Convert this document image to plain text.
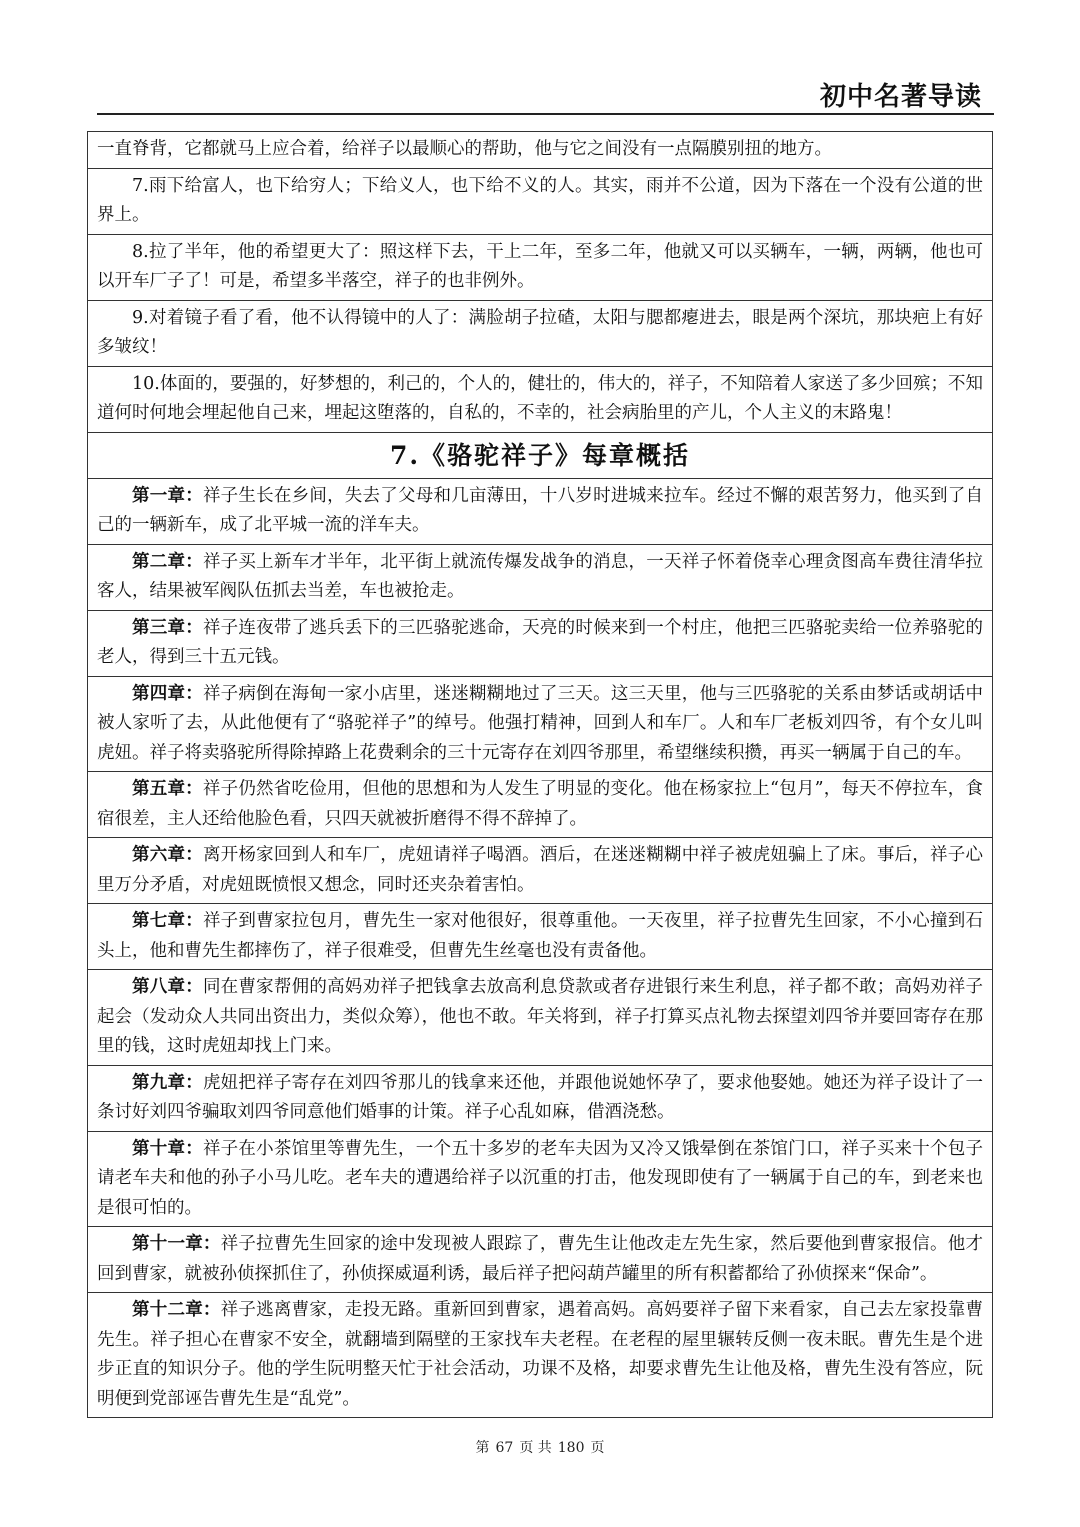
初中名著导读
一直脊背，它都就马上应合着，给祥子以最顺心的帮助，他与它之间没有一点隔膜别扭的地方。
7.雨下给富人，也下给穷人；下给义人，也下给不义的人。其实，雨并不公道，因为下落在一个没有公道的世界上。
8.拉了半年，他的希望更大了：照这样下去，干上二年，至多二年，他就又可以买辆车，一辆，两辆，他也可以开车厂子了！可是，希望多半落空，祥子的也非例外。
9.对着镜子看了看，他不认得镜中的人了：满脸胡子拉碴，太阳与腮都瘪进去，眼是两个深坑，那块疤上有好多皱纹！
10.体面的，要强的，好梦想的，利己的，个人的，健壮的，伟大的，祥子，不知陪着人家送了多少回殡；不知道何时何地会埋起他自己来，埋起这堕落的，自私的，不幸的，社会病胎里的产儿，个人主义的末路鬼！
7.《骆驼祥子》每章概括
第一章：祥子生长在乡间，失去了父母和几亩薄田，十八岁时进城来拉车。经过不懈的艰苦努力，他买到了自己的一辆新车，成了北平城一流的洋车夫。
第二章：祥子买上新车才半年，北平街上就流传爆发战争的消息，一天祥子怀着侥幸心理贪图高车费往清华拉客人，结果被军阀队伍抓去当差，车也被抢走。
第三章：祥子连夜带了逃兵丢下的三匹骆驼逃命，天亮的时候来到一个村庄，他把三匹骆驼卖给一位养骆驼的老人，得到三十五元钱。
第四章：祥子病倒在海甸一家小店里，迷迷糊糊地过了三天。这三天里，他与三匹骆驼的关系由梦话或胡话中被人家听了去，从此他便有了“骆驼祥子”的绰号。他强打精神，回到人和车厂。人和车厂老板刘四爷，有个女儿叫虎妞。祥子将卖骆驼所得除掉路上花费剩余的三十元寄存在刘四爷那里，希望继续积攒，再买一辆属于自己的车。
第五章：祥子仍然省吃俭用，但他的思想和为人发生了明显的变化。他在杨家拉上“包月”，每天不停拉车，食宿很差，主人还给他脸色看，只四天就被折磨得不得不辞掉了。
第六章：离开杨家回到人和车厂，虎妞请祥子喝酒。酒后，在迷迷糊糊中祥子被虎妞骗上了床。事后，祥子心里万分矛盾，对虎妞既愤恨又想念，同时还夹杂着害怕。
第七章：祥子到曹家拉包月，曹先生一家对他很好，很尊重他。一天夜里，祥子拉曹先生回家，不小心撞到石头上，他和曹先生都摔伤了，祥子很难受，但曹先生丝毫也没有责备他。
第八章：同在曹家帮佣的高妈劝祥子把钱拿去放高利息贷款或者存进银行来生利息，祥子都不敢；高妈劝祥子起会（发动众人共同出资出力，类似众筹），他也不敢。年关将到，祥子打算买点礼物去探望刘四爷并要回寄存在那里的钱，这时虎妞却找上门来。
第九章：虎妞把祥子寄存在刘四爷那儿的钱拿来还他，并跟他说她怀孕了，要求他娶她。她还为祥子设计了一条讨好刘四爷骗取刘四爷同意他们婚事的计策。祥子心乱如麻，借酒浇愁。
第十章：祥子在小茶馆里等曹先生，一个五十多岁的老车夫因为又冷又饿晕倒在茶馆门口，祥子买来十个包子请老车夫和他的孙子小马儿吃。老车夫的遭遇给祥子以沉重的打击，他发现即使有了一辆属于自己的车，到老来也是很可怕的。
第十一章：祥子拉曹先生回家的途中发现被人跟踪了，曹先生让他改走左先生家，然后要他到曹家报信。他才回到曹家，就被孙侦探抓住了，孙侦探威逼利诱，最后祥子把闷葫芦罐里的所有积蓄都给了孙侦探来“保命”。
第十二章：祥子逃离曹家，走投无路。重新回到曹家，遇着高妈。高妈要祥子留下来看家，自己去左家投靠曹先生。祥子担心在曹家不安全，就翻墙到隔壁的王家找车夫老程。在老程的屋里辗转反侧一夜未眠。曹先生是个进步正直的知识分子。他的学生阮明整天忙于社会活动，功课不及格，却要求曹先生让他及格，曹先生没有答应，阮明便到党部诬告曹先生是“乱党”。
第 67 页 共 180 页
